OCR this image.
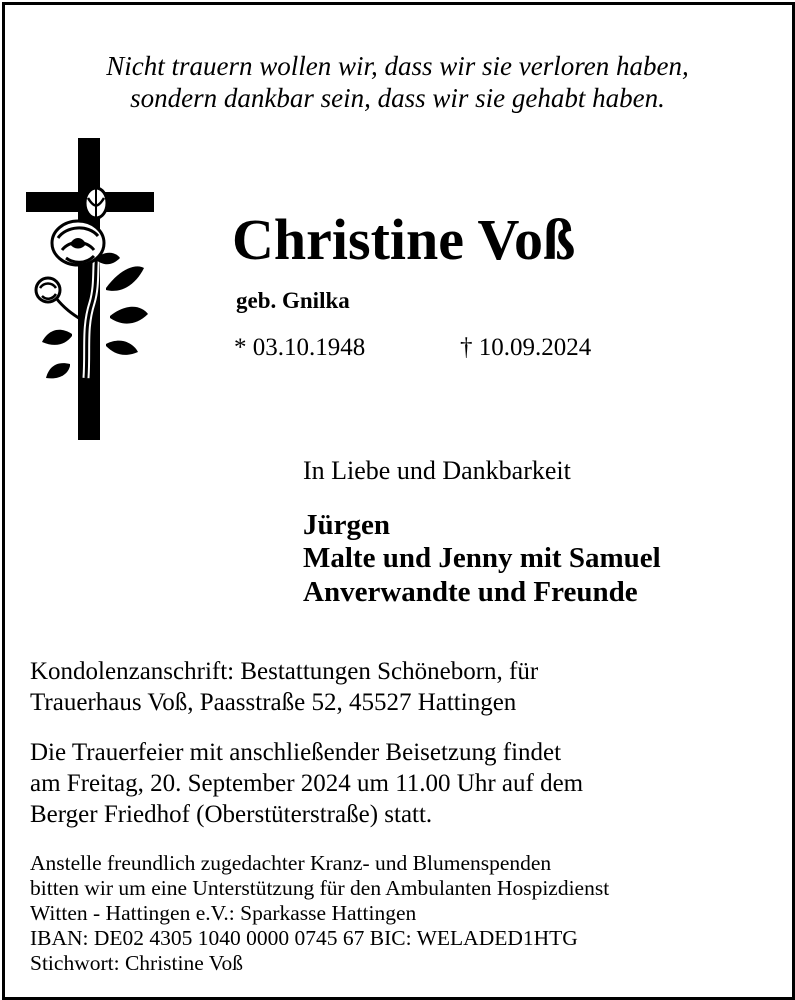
Nicht trauern wollen wir, dass wir sie verloren haben,
sondern dankbar sein, dass wir sie gehabt haben.
Christine Voß
geb. Gnilka
* 03.10.1948	† 10.09.2024
In Liebe und Dankbarkeit
Jürgen
Malte und Jenny mit Samuel
Anverwandte und Freunde
Kondolenzanschrift: Bestattungen Schöneborn, für
Trauerhaus Voß, Paasstraße 52, 45527 Hattingen
Die Trauerfeier mit anschließender Beisetzung findet
am Freitag, 20. September 2024 um 11.00 Uhr auf dem
Berger Friedhof (Oberstüterstraße) statt.
Anstelle freundlich zugedachter Kranz- und Blumenspenden
bitten wir um eine Unterstützung für den Ambulanten Hospizdienst
Witten - Hattingen e.V.: Sparkasse Hattingen
IBAN: DE02 4305 1040 0000 0745 67 BIC: WELADED1HTG
Stichwort: Christine Voß
